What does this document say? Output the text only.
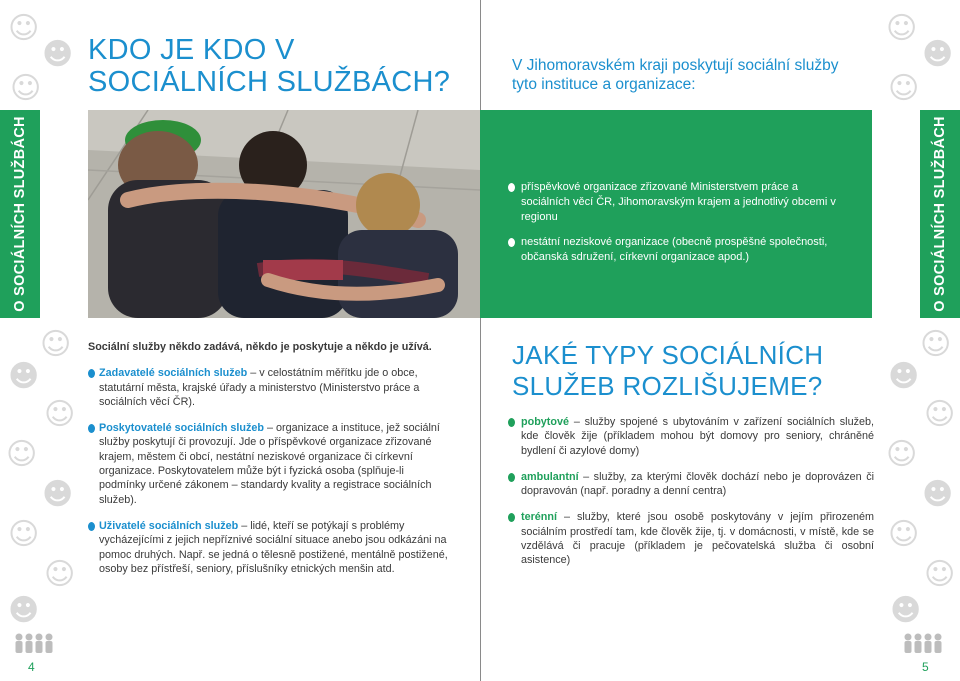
☺
☻
☺
☺
☻
☺
☺
☻
☺
☺
☻
☺
☻
☺
☺
☻
☺
☺
☻
☺
☺
☻
O SOCIÁLNÍCH SLUŽBÁCH	O SOCIÁLNÍCH SLUŽBÁCH
KDO JE KDO V SOCIÁLNÍCH SLUŽBÁCH?
Sociální služby někdo zadává, někdo je poskytuje a někdo je užívá.
Zadavatelé sociálních služeb – v celostátním měřítku jde o obce, statutární města, krajské úřady a ministerstvo (Ministerstvo práce a sociálních věcí ČR).
Poskytovatelé sociálních služeb – organizace a instituce, jež sociální služby poskytují či provozují. Jde o příspěvkové organizace zřizované krajem, městem či obcí, nestátní neziskové organizace či církevní organizace. Poskytovatelem může být i fyzická osoba (splňuje-li podmínky určené zákonem – standardy kvality a registrace sociálních služeb).
Uživatelé sociálních služeb – lidé, kteří se potýkají s problémy vycházejícími z jejich nepříznivé sociální situace anebo jsou odkázáni na pomoc druhých. Např. se jedná o tělesně postižené, mentálně postižené, osoby bez přístřeší, seniory, příslušníky etnických menšin atd.
V Jihomoravském kraji poskytují sociální služby tyto instituce a organizace:
příspěvkové organizace zřizované Ministerstvem práce a sociálních věcí ČR, Jihomoravským krajem a jednotlivý obcemi v regionu
nestátní neziskové organizace (obecně prospěšné společnosti, občanská sdružení, církevní organizace apod.)
JAKÉ TYPY SOCIÁLNÍCH SLUŽEB ROZLIŠUJEME?
pobytové – služby spojené s ubytováním v zařízení sociálních služeb, kde člověk žije (příkladem mohou být domovy pro seniory, chráněné bydlení či azylové domy)
ambulantní – služby, za kterými člověk dochází nebo je doprovázen či dopravován (např. poradny a denní centra)
terénní – služby, které jsou osobě poskytovány v jejím přirozeném sociálním prostředí tam, kde člověk žije, tj. v domácnosti, v místě, kde se vzdělává či pracuje (příkladem je pečovatelská služba či osobní asistence)
4	5
